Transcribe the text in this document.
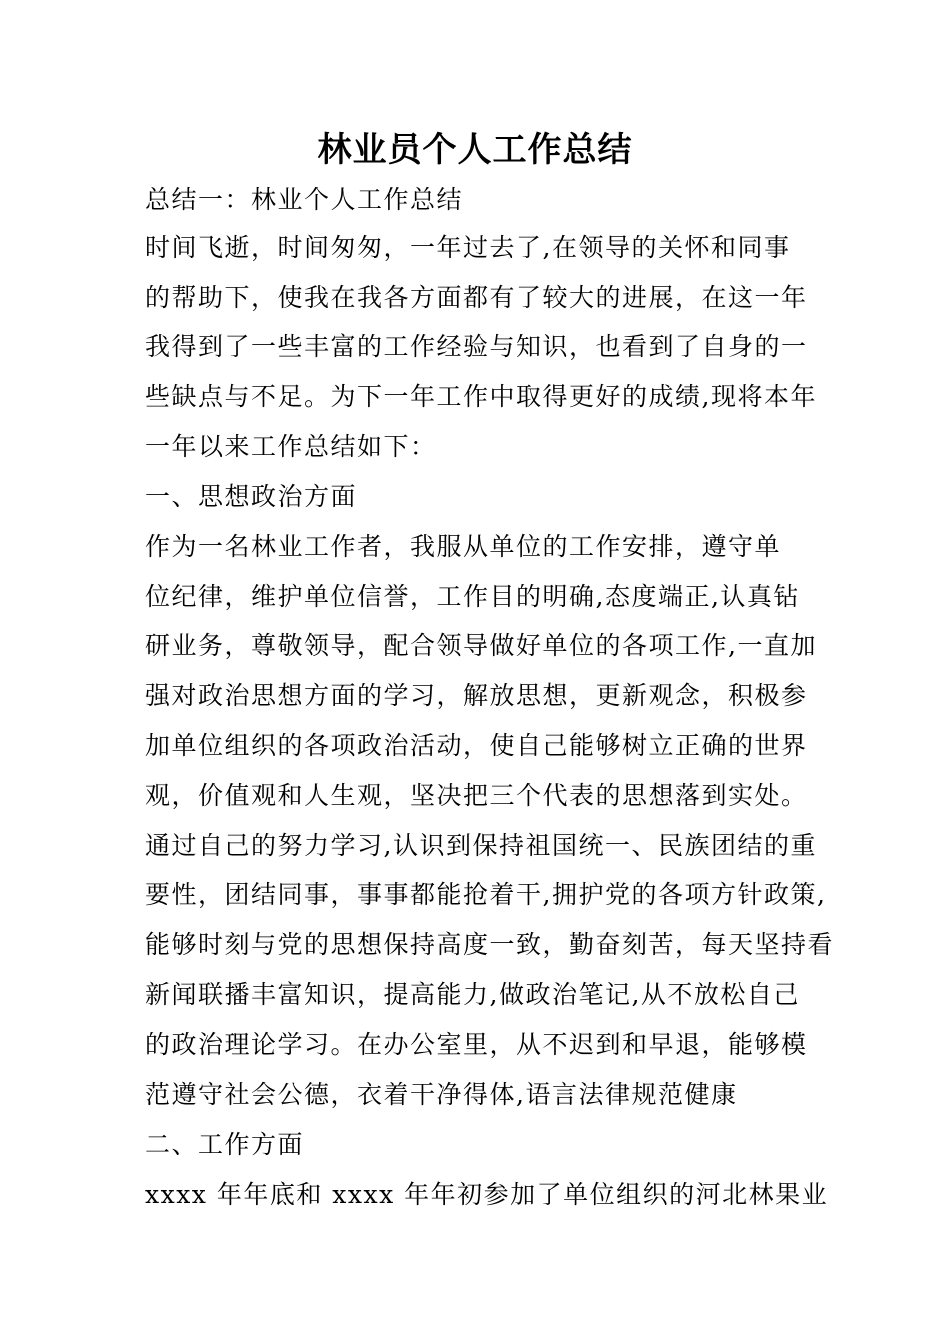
林业员个人工作总结
总结一：林业个人工作总结
时间飞逝，时间匆匆，一年过去了,在领导的关怀和同事
的帮助下，使我在我各方面都有了较大的进展，在这一年
我得到了一些丰富的工作经验与知识，也看到了自身的一
些缺点与不足。为下一年工作中取得更好的成绩,现将本年
一年以来工作总结如下：
一、思想政治方面
作为一名林业工作者，我服从单位的工作安排，遵守单
位纪律，维护单位信誉，工作目的明确,态度端正,认真钻
研业务，尊敬领导，配合领导做好单位的各项工作,一直加
强对政治思想方面的学习，解放思想，更新观念，积极参
加单位组织的各项政治活动，使自己能够树立正确的世界
观，价值观和人生观，坚决把三个代表的思想落到实处。
通过自己的努力学习,认识到保持祖国统一、民族团结的重
要性，团结同事，事事都能抢着干,拥护党的各项方针政策,
能够时刻与党的思想保持高度一致，勤奋刻苦，每天坚持看
新闻联播丰富知识，提高能力,做政治笔记,从不放松自己
的政治理论学习。在办公室里，从不迟到和早退，能够模
范遵守社会公德，衣着干净得体,语言法律规范健康
二、工作方面
xxxx 年年底和 xxxx 年年初参加了单位组织的河北林果业
